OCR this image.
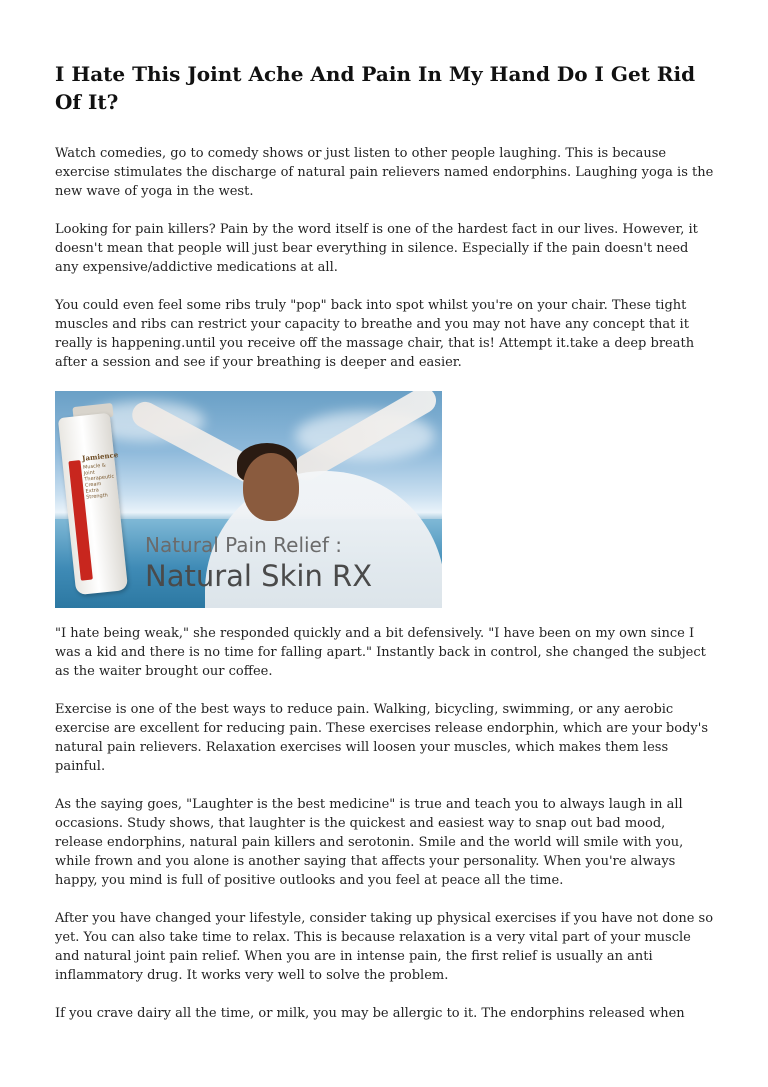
I Hate This Joint Ache And Pain In My Hand Do I Get Rid Of It?

Watch comedies, go to comedy shows or just listen to other people laughing. This is because exercise stimulates the discharge of natural pain relievers named endorphins. Laughing yoga is the new wave of yoga in the west.

Looking for pain killers? Pain by the word itself is one of the hardest fact in our lives. However, it doesn't mean that people will just bear everything in silence. Especially if the pain doesn't need any expensive/addictive medications at all.

You could even feel some ribs truly "pop" back into spot whilst you're on your chair. These tight muscles and ribs can restrict your capacity to breathe and you may not have any concept that it really is happening.until you receive off the massage chair, that is! Attempt it.take a deep breath after a session and see if your breathing is deeper and easier.

Jamience
Muscle & Joint Therapeutic Cream Extra Strength
Natural Pain Relief :
Natural Skin RX

"I hate being weak," she responded quickly and a bit defensively. "I have been on my own since I was a kid and there is no time for falling apart." Instantly back in control, she changed the subject as the waiter brought our coffee.

Exercise is one of the best ways to reduce pain. Walking, bicycling, swimming, or any aerobic exercise are excellent for reducing pain. These exercises release endorphin, which are your body's natural pain relievers. Relaxation exercises will loosen your muscles, which makes them less painful.

As the saying goes, "Laughter is the best medicine" is true and teach you to always laugh in all occasions. Study shows, that laughter is the quickest and easiest way to snap out bad mood, release endorphins, natural pain killers and serotonin. Smile and the world will smile with you, while frown and you alone is another saying that affects your personality. When you're always happy, you mind is full of positive outlooks and you feel at peace all the time.

After you have changed your lifestyle, consider taking up physical exercises if you have not done so yet. You can also take time to relax. This is because relaxation is a very vital part of your muscle and natural joint pain relief. When you are in intense pain, the first relief is usually an anti inflammatory drug. It works very well to solve the problem.

If you crave dairy all the time, or milk, you may be allergic to it. The endorphins released when
